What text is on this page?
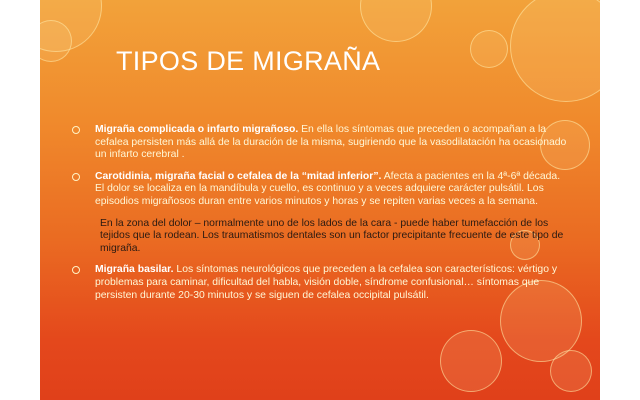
TIPOS DE MIGRAÑA
Migraña complicada o infarto migrañoso. En ella los síntomas que preceden o acompañan a la cefalea persisten más allá de la duración de la misma, sugiriendo que la vasodilatación ha ocasionado un infarto cerebral .
Carotidinia, migraña facial o cefalea de la “mitad inferior”. Afecta a pacientes en la 4ª-6ª década. El dolor se localiza en la mandíbula y cuello, es continuo y a veces adquiere carácter pulsátil. Los episodios migrañosos duran entre varios minutos y horas y se repiten varias veces a la semana.
En la zona del dolor – normalmente uno de los lados de la cara - puede haber tumefacción de los tejidos que la rodean. Los traumatismos dentales son un factor precipitante frecuente de este tipo de migraña.
Migraña basilar. Los síntomas neurológicos que preceden a la cefalea son característicos: vértigo y problemas para caminar, dificultad del habla, visión doble, síndrome confusional… síntomas que persisten durante 20-30 minutos y se siguen de cefalea occipital pulsátil.
